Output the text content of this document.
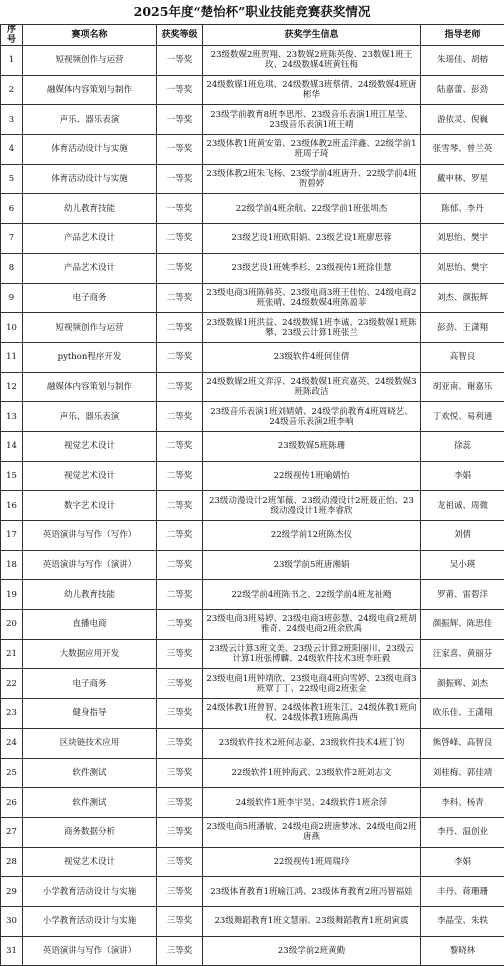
2025年度“楚怡杯”职业技能竞赛获奖情况
序号	赛项名称	获奖等级	获奖学生信息	指导老师
1	短视频创作与运营	一等奖	23级数媒2班贺翔、23数媒2班陈英俊、23数媒1班王玫、24级数媒4班黄钰梅	朱瑶佳、胡榕
2	融媒体内容策划与制作	一等奖	24级数媒1班危琪、24级数媒3班蔡倩、24级数媒4班唐彬华	陆嘉蕾、彭劲
3	声乐、器乐表演	一等奖	23级学前教育8班李思彤、23级音乐表演1班江星莹、23级音乐表演1班王晴	游依灵、倪巍
4	体育活动设计与实施	一等奖	23级体教1班黄安第、23级体教2班孟洋鑫、22级学前1班周子琦	张雪琴、曾兰英
5	体育活动设计与实施	一等奖	23级体教2班朱飞杨、23级学前4班唐升、22级学前4班贺碧婷	戴申林、罗星
6	幼儿教育技能	一等奖	22级学前4班余航、22级学前1班张圳杰	陈郁、李丹
7	产品艺术设计	二等奖	23级艺设1班欧阳娟、23级艺设1班廖思蓉	刘思怡、樊宇
8	产品艺术设计	二等奖	23级艺设1班姚季杉、23级视传1班徐佳慧	刘思怡、樊宇
9	电子商务	二等奖	23级电商3班陈韩英、23级电商3班王佳怡、24级电商2班张晴、24级数媒4班陈盈菲	刘杰、颜振辉
10	短视频创作与运营	二等奖	23级数媒1班洪益、24级数媒1班李诚、23级数媒1班陈攀、23级云计算1班张兰	彭劲、王潇翔
11	python程序开发	二等奖	23级软件4班何佳倩	高智良
12	融媒体内容策划与制作	二等奖	24级数媒2班文弈淳、24级数媒1班宾嘉英、24级数媒3班陈政洁	胡亚南、谢嘉乐
13	声乐、器乐表演	二等奖	23级音乐表演1班刘婧婧、24级学前教育4班周晓艺、24级音乐表演2班李响	丁欢悦、易利通
14	视觉艺术设计	二等奖	23级数媒5班陈珊	徐蕊
15	视觉艺术设计	二等奖	22级视传1班喻婧怡	李娟
16	数字艺术设计	二等奖	23级动漫设计2班邹薇、23级动漫设计2班聂正怡、23级动漫设计1班李睿欣	龙祖诚、周微
17	英语演讲与写作（写作）	二等奖	22级学前12班陈杰仪	刘倩
18	英语演讲与写作（演讲）	二等奖	23级学前5班唐湘娟	吴小瑛
19	幼儿教育技能	二等奖	22级学前4班陈书之、22级学前4班龙祉飏	罗莆、雷碧洋
20	直播电商	二等奖	23级电商3班易婷、23级电商3班彭慧、24级电商2班胡雅奇、24级电商2班余欣禹	颜振辉、陈思佳
21	大数据应用开发	三等奖	23级云计算3班文美、23级云计算2班阳丽川、23级云计算1班张博麟、24级软件技术3班李旺毅	汪家喜、黄丽芬
22	电子商务	三等奖	23级电商1班钟靖欣、23级电商4班向雪婷、23级电商3班覃丁丁、22级电商2班张金	颜振辉、刘杰
23	健身指导	三等奖	24级体教1班曾智、24级体教1班朱江、24级体教1班向权、24级体教1班陈禹西	欧乐佳、王潇翔
24	区块链技术应用	三等奖	23级软件技术2班何志豪、23级软件技术4班丁钧	熊啓峰、高智良
25	软件测试	三等奖	22级软件1班钟海武、23级软件2班刘志文	刘桂梅、郭佳靖
26	软件测试	三等奖	24级软件1班李宇昊、24级软件1班余萍	李科、杨青
27	商务数据分析	三等奖	23级电商5班潘敏、24级电商2班唐梦冰、24级电商2班唐燕	李丹、温创业
28	视觉艺术设计	三等奖	22级视传1班周瑞玲	李娟
29	小学教育活动设计与实施	三等奖	23级体育教育1班喻江鸿、23级体育教育2班冯智福娃	丰丹、蒋珊珊
30	小学教育活动设计与实施	三等奖	23级舞蹈教育1班文慧丽、23级舞蹈教育1班胡寅震	李晶莹、朱轶
31	英语演讲与写作（演讲）	三等奖	23级学前2班黄勤	黎晓林
